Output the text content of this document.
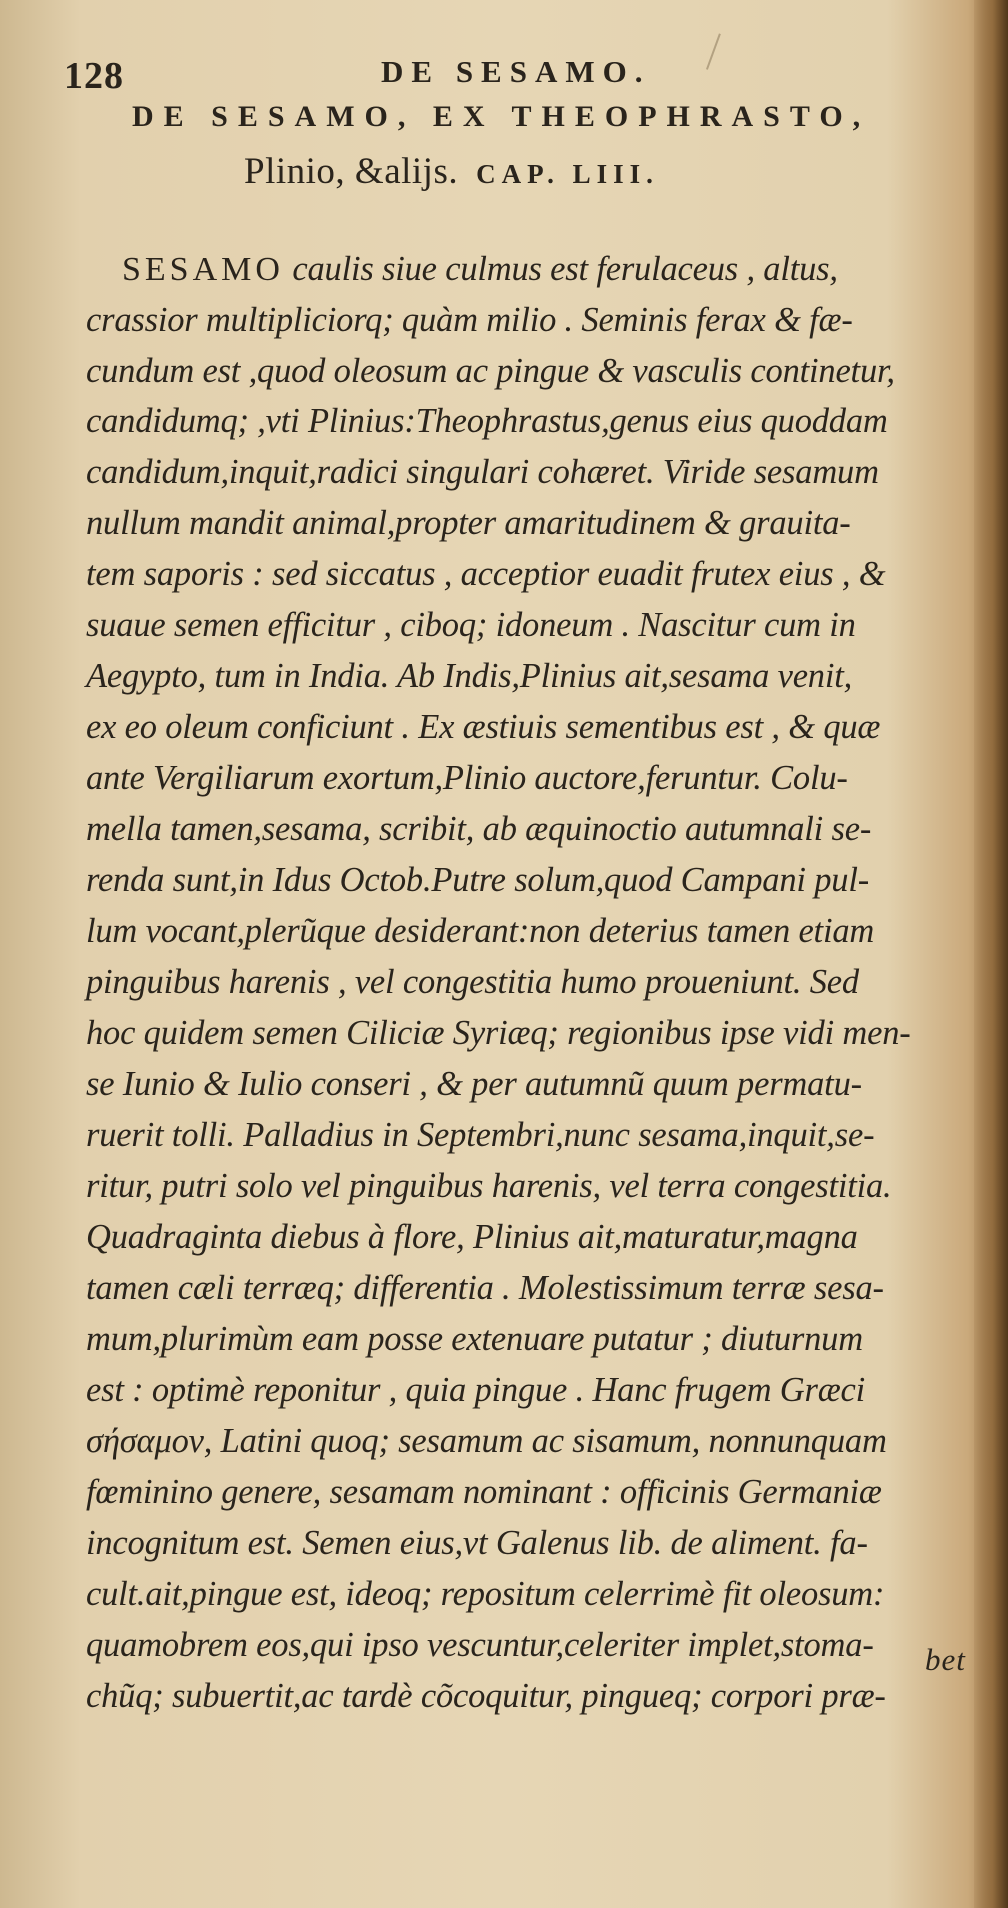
128	DE SESAMO.
DE SESAMO, EX THEOPHRASTO,
Plinio, &alijs. CAP. LIII.
SESAMO caulis siue culmus est ferulaceus , altus,
crassior multipliciorq; quàm milio . Seminis ferax & fæ-
cundum est ,quod oleosum ac pingue & vasculis continetur,
candidumq; ,vti Plinius:Theophrastus,genus eius quoddam
candidum,inquit,radici singulari cohæret. Viride sesamum
nullum mandit animal,propter amaritudinem & grauita-
tem saporis : sed siccatus , acceptior euadit frutex eius , &
suaue semen efficitur , ciboq; idoneum . Nascitur cum in
Aegypto, tum in India. Ab Indis,Plinius ait,sesama venit,
ex eo oleum conficiunt . Ex æstiuis sementibus est , & quæ
ante Vergiliarum exortum,Plinio auctore,feruntur. Colu-
mella tamen,sesama, scribit, ab æquinoctio autumnali se-
renda sunt,in Idus Octob.Putre solum,quod Campani pul-
lum vocant,plerũque desiderant:non deterius tamen etiam
pinguibus harenis , vel congestitia humo proueniunt. Sed
hoc quidem semen Ciliciæ Syriæq; regionibus ipse vidi men-
se Iunio & Iulio conseri , & per autumnũ quum permatu-
ruerit tolli. Palladius in Septembri,nunc sesama,inquit,se-
ritur, putri solo vel pinguibus harenis, vel terra congestitia.
Quadraginta diebus à flore, Plinius ait,maturatur,magna
tamen cæli terræq; differentia . Molestissimum terræ sesa-
mum,plurimùm eam posse extenuare putatur ; diuturnum
est : optimè reponitur , quia pingue . Hanc frugem Græci
σήσαμον, Latini quoq; sesamum ac sisamum, nonnunquam
fœminino genere, sesamam nominant : officinis Germaniæ
incognitum est. Semen eius,vt Galenus lib. de aliment. fa-
cult.ait,pingue est, ideoq; repositum celerrimè fit oleosum:
quamobrem eos,qui ipso vescuntur,celeriter implet,stoma-
chũq; subuertit,ac tardè cõcoquitur, pingueq; corpori præ-
bet
